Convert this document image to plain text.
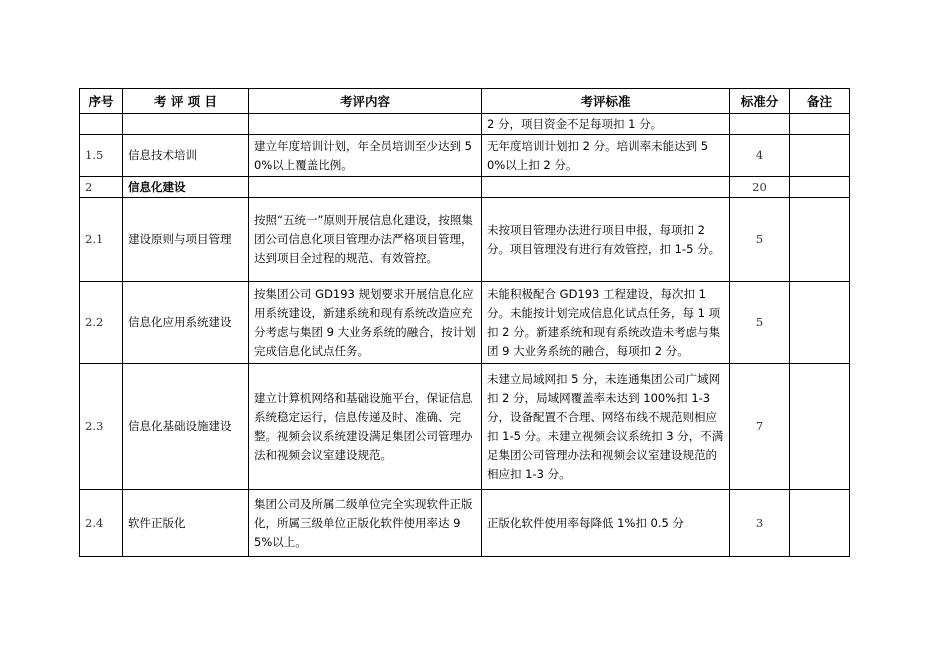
序号	考 评 项 目	考评内容	考评标准	标准分	备注
			2 分，项目资金不足每项扣 1 分。		
1.5	信息技术培训	建立年度培训计划，年全员培训至少达到 50%以上覆盖比例。	无年度培训计划扣 2 分。培训率未能达到 50%以上扣 2 分。	4	
2	信息化建设			20	
2.1	建设原则与项目管理	按照“五统一”原则开展信息化建设，按照集团公司信息化项目管理办法严格项目管理，达到项目全过程的规范、有效管控。	未按项目管理办法进行项目申报，每项扣 2 分。项目管理没有进行有效管控，扣 1-5 分。	5	
2.2	信息化应用系统建设	按集团公司 GD193 规划要求开展信息化应用系统建设，新建系统和现有系统改造应充分考虑与集团 9 大业务系统的融合，按计划完成信息化试点任务。	未能积极配合 GD193 工程建设，每次扣 1 分。未能按计划完成信息化试点任务，每 1 项扣 2 分。新建系统和现有系统改造未考虑与集团 9 大业务系统的融合，每项扣 2 分。	5	
2.3	信息化基础设施建设	建立计算机网络和基础设施平台，保证信息系统稳定运行，信息传递及时、准确、完整。视频会议系统建设满足集团公司管理办法和视频会议室建设规范。	未建立局域网扣 5 分，未连通集团公司广域网扣 2 分，局域网覆盖率未达到 100%扣 1-3 分，设备配置不合理、网络布线不规范则相应扣 1-5 分。未建立视频会议系统扣 3 分，不满足集团公司管理办法和视频会议室建设规范的相应扣 1-3 分。	7	
2.4	软件正版化	集团公司及所属二级单位完全实现软件正版化，所属三级单位正版化软件使用率达 95%以上。	正版化软件使用率每降低 1%扣 0.5 分	3	
